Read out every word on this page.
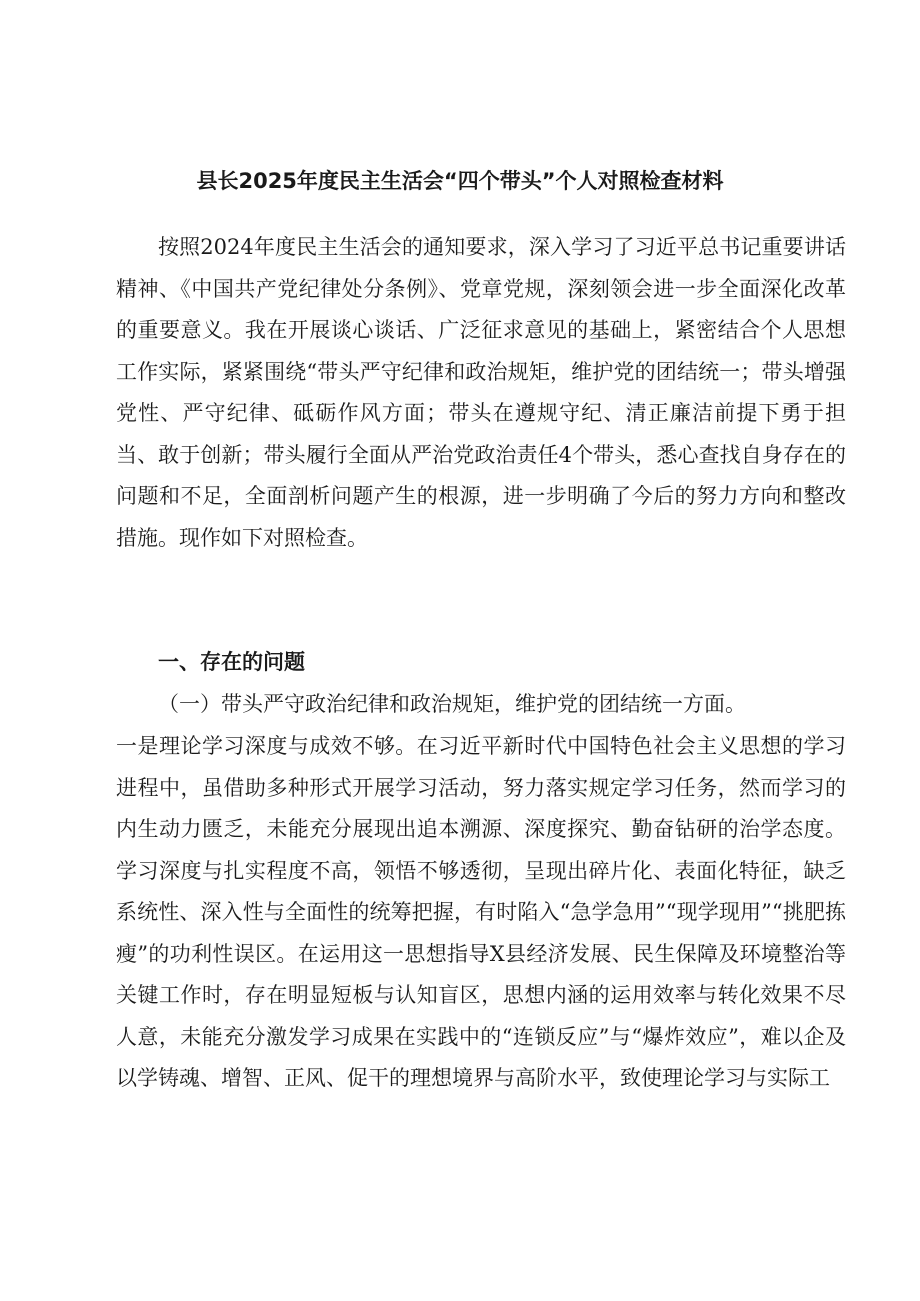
县长2025年度民主生活会“四个带头”个人对照检查材料

按照2024年度民主生活会的通知要求，深入学习了习近平总书记重要讲话精神、《中国共产党纪律处分条例》、党章党规，深刻领会进一步全面深化改革的重要意义。我在开展谈心谈话、广泛征求意见的基础上，紧密结合个人思想工作实际，紧紧围绕“带头严守纪律和政治规矩，维护党的团结统一；带头增强党性、严守纪律、砥砺作风方面；带头在遵规守纪、清正廉洁前提下勇于担当、敢于创新；带头履行全面从严治党政治责任4个带头，悉心查找自身存在的问题和不足，全面剖析问题产生的根源，进一步明确了今后的努力方向和整改措施。现作如下对照检查。

一、存在的问题

（一）带头严守政治纪律和政治规矩，维护党的团结统一方面。

一是理论学习深度与成效不够。在习近平新时代中国特色社会主义思想的学习进程中，虽借助多种形式开展学习活动，努力落实规定学习任务，然而学习的内生动力匮乏，未能充分展现出追本溯源、深度探究、勤奋钻研的治学态度。学习深度与扎实程度不高，领悟不够透彻，呈现出碎片化、表面化特征，缺乏系统性、深入性与全面性的统筹把握，有时陷入“急学急用”“现学现用”“挑肥拣瘦”的功利性误区。在运用这一思想指导X县经济发展、民生保障及环境整治等关键工作时，存在明显短板与认知盲区，思想内涵的运用效率与转化效果不尽人意，未能充分激发学习成果在实践中的“连锁反应”与“爆炸效应”，难以企及以学铸魂、增智、正风、促干的理想境界与高阶水平，致使理论学习与实际工
